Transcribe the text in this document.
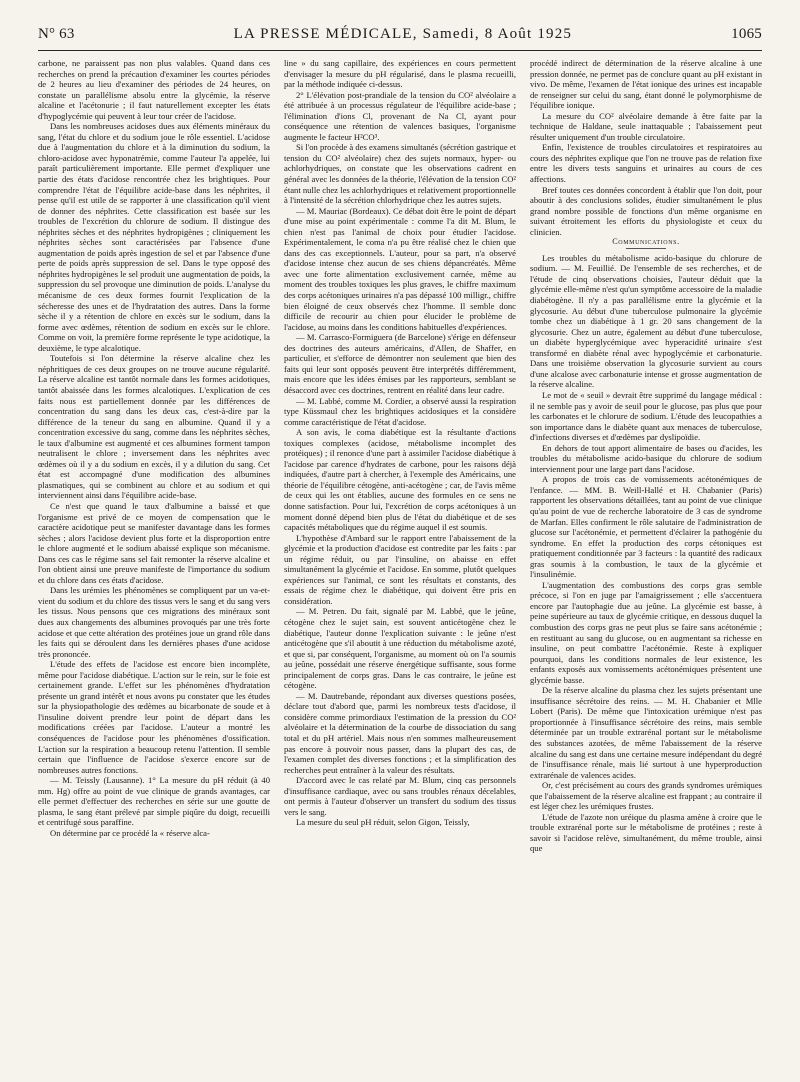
N° 63	LA PRESSE MÉDICALE, Samedi, 8 Août 1925	1065

carbone, ne paraissent pas non plus valables. Quand dans ces recherches on prend la précaution d'examiner les courtes périodes de 2 heures au lieu d'examiner des périodes de 24 heures, on constate un parallélisme absolu entre la glycémie, la réserve alcaline et l'acétonurie ; il faut naturellement excepter les états d'hypoglycémie qui peuvent à leur tour créer de l'acidose.

Dans les nombreuses acidoses dues aux éléments minéraux du sang, l'état du chlore et du sodium joue le rôle essentiel. L'acidose due à l'augmentation du chlore et à la diminution du sodium, la chloro-acidose avec hyponatrémie, comme l'auteur l'a appelée, lui paraît particulièrement importante. Elle permet d'expliquer une partie des états d'acidose rencontrée chez les brightiques. Pour comprendre l'état de l'équilibre acide-base dans les néphrites, il pense qu'il est utile de se rapporter à une classification qu'il vient de donner des néphrites. Cette classification est basée sur les troubles de l'excrétion du chlorure de sodium. Il distingue des néphrites sèches et des néphrites hydropigènes ; cliniquement les néphrites sèches sont caractérisées par l'absence d'une augmentation de poids après ingestion de sel et par l'absence d'une perte de poids après suppression de sel. Dans le type opposé des néphrites hydropigènes le sel produit une augmentation de poids, la suppression du sel provoque une diminution de poids. L'analyse du mécanisme de ces deux formes fournit l'explication de la sécheresse des unes et de l'hydratation des autres. Dans la forme sèche il y a rétention de chlore en excès sur le sodium, dans la forme avec œdèmes, rétention de sodium en excès sur le chlore. Comme on voit, la première forme représente le type acidotique, la deuxième, le type alcalotique.

Toutefois si l'on détermine la réserve alcaline chez les néphritiques de ces deux groupes on ne trouve aucune régularité. La réserve alcaline est tantôt normale dans les formes acidotiques, tantôt abaissée dans les formes alcalotiques. L'explication de ces faits nous est partiellement donnée par les différences de concentration du sang dans les deux cas, c'est-à-dire par la différence de la teneur du sang en albumine. Quand il y a concentration excessive du sang, comme dans les néphrites sèches, le taux d'albumine est augmenté et ces albumines forment tampon neutralisent le chlore ; inversement dans les néphrites avec œdèmes où il y a du sodium en excès, il y a dilution du sang. Cet état est accompagné d'une modification des albumines plasmatiques, qui se combinent au chlore et au sodium et qui interviennent ainsi dans l'équilibre acide-base.

Ce n'est que quand le taux d'albumine a baissé et que l'organisme est privé de ce moyen de compensation que le caractère acidotique peut se manifester davantage dans les formes sèches ; alors l'acidose devient plus forte et la disproportion entre le chlore augmenté et le sodium abaissé explique son mécanisme. Dans ces cas le régime sans sel fait remonter la réserve alcaline et l'on obtient ainsi une preuve manifeste de l'importance du sodium et du chlore dans ces états d'acidose.

Dans les urémies les phénomènes se compliquent par un va-et-vient du sodium et du chlore des tissus vers le sang et du sang vers les tissus. Nous pensons que ces migrations des minéraux sont dues aux changements des albumines provoqués par une très forte acidose et que cette altération des protéines joue un grand rôle dans les faits qui se déroulent dans les dernières phases d'une acidose très prononcée.

L'étude des effets de l'acidose est encore bien incomplète, même pour l'acidose diabétique. L'action sur le rein, sur le foie est certainement grande. L'effet sur les phénomènes d'hydratation présente un grand intérêt et nous avons pu constater que les études sur la physiopathologie des œdèmes au bicarbonate de soude et à l'insuline doivent prendre leur point de départ dans les modifications créées par l'acidose. L'auteur a montré les conséquences de l'acidose pour les phénomènes d'ossification. L'action sur la respiration a beaucoup retenu l'attention. Il semble certain que l'influence de l'acidose s'exerce encore sur de nombreuses autres fonctions.

— M. Teissly (Lausanne). 1° La mesure du pH réduit (à 40 mm. Hg) offre au point de vue clinique de grands avantages, car elle permet d'effectuer des recherches en série sur une goutte de plasma, le sang étant prélevé par simple piqûre du doigt, recueilli et centrifugé sous paraffine.

On détermine par ce procédé la « réserve alca-

line » du sang capillaire, des expériences en cours permettent d'envisager la mesure du pH régularisé, dans le plasma recueilli, par la méthode indiquée ci-dessus.

2° L'élévation post-prandiale de la tension du CO² alvéolaire a été attribuée à un processus régulateur de l'équilibre acide-base ; l'élimination d'ions Cl, provenant de Na Cl, ayant pour conséquence une rétention de valences basiques, l'organisme augmente le facteur H²CO³.

Si l'on procède à des examens simultanés (sécrétion gastrique et tension du CO² alvéolaire) chez des sujets normaux, hyper- ou achlorhydriques, on constate que les observations cadrent en général avec les données de la théorie, l'élévation de la tension CO² étant nulle chez les achlorhydriques et relativement proportionnelle à l'intensité de la sécrétion chlorhydrique chez les autres sujets.

— M. Mauriac (Bordeaux). Ce débat doit être le point de départ d'une mise au point expérimentale : comme l'a dit M. Blum, le chien n'est pas l'animal de choix pour étudier l'acidose. Expérimentalement, le coma n'a pu être réalisé chez le chien que dans des cas exceptionnels. L'auteur, pour sa part, n'a observé d'acidose intense chez aucun de ses chiens dépancréatés. Même avec une forte alimentation exclusivement carnée, même au moment des troubles toxiques les plus graves, le chiffre maximum des corps acétoniques urinaires n'a pas dépassé 100 milligr., chiffre bien éloigné de ceux observés chez l'homme. Il semble donc difficile de recourir au chien pour élucider le problème de l'acidose, au moins dans les conditions habituelles d'expériences.

— M. Carrasco-Formiguera (de Barcelone) s'érige en défenseur des doctrines des auteurs américains, d'Allen, de Shaffer, en particulier, et s'efforce de démontrer non seulement que bien des faits qui leur sont opposés peuvent être interprétés différemment, mais encore que les idées émises par les rapporteurs, semblant se désaccord avec ces doctrines, rentrent en réalité dans leur cadre.

— M. Labbé, comme M. Cordier, a observé aussi la respiration type Küssmaul chez les brightiques acidosiques et la considère comme caractéristique de l'état d'acidose.

A son avis, le coma diabétique est la résultante d'actions toxiques complexes (acidose, métabolisme incomplet des protéiques) ; il renonce d'une part à assimiler l'acidose diabétique à l'acidose par carence d'hydrates de carbone, pour les raisons déjà indiquées, d'autre part à chercher, à l'exemple des Américains, une théorie de l'équilibre cétogène, anti-acétogène ; car, de l'avis même de ceux qui les ont établies, aucune des formules en ce sens ne donne satisfaction. Pour lui, l'excrétion de corps acétoniques à un moment donné dépend bien plus de l'état du diabétique et de ses capacités métaboliques que du régime auquel il est soumis.

L'hypothèse d'Ambard sur le rapport entre l'abaissement de la glycémie et la production d'acidose est contredite par les faits : par un régime réduit, ou par l'insuline, on abaisse en effet simultanément la glycémie et l'acidose. En somme, plutôt quelques expériences sur l'animal, ce sont les résultats et constants, des essais de régime chez le diabétique, qui doivent être pris en considération.

— M. Petren. Du fait, signalé par M. Labbé, que le jeûne, cétogène chez le sujet sain, est souvent anticétogène chez le diabétique, l'auteur donne l'explication suivante : le jeûne n'est anticétogène que s'il aboutit à une réduction du métabolisme azoté, et que si, par conséquent, l'organisme, au moment où on l'a soumis au jeûne, possédait une réserve énergétique suffisante, sous forme principalement de corps gras. Dans le cas contraire, le jeûne est cétogène.

— M. Dautrebande, répondant aux diverses questions posées, déclare tout d'abord que, parmi les nombreux tests d'acidose, il considère comme primordiaux l'estimation de la pression du CO² alvéolaire et la détermination de la courbe de dissociation du sang total et du pH artériel. Mais nous n'en sommes malheureusement pas encore à pouvoir nous passer, dans la plupart des cas, de l'examen complet des diverses fonctions ; et la simplification des recherches peut entraîner à la valeur des résultats.

D'accord avec le cas relaté par M. Blum, cinq cas personnels d'insuffisance cardiaque, avec ou sans troubles rénaux décelables, ont permis à l'auteur d'observer un transfert du sodium des tissus vers le sang.

La mesure du seul pH réduit, selon Gigon, Teissly,

procédé indirect de détermination de la réserve alcaline à une pression donnée, ne permet pas de conclure quant au pH existant in vivo. De même, l'examen de l'état ionique des urines est incapable de renseigner sur celui du sang, étant donné le polymorphisme de l'équilibre ionique.

La mesure du CO² alvéolaire demande à être faite par la technique de Haldane, seule inattaquable ; l'abaissement peut résulter uniquement d'un trouble circulatoire.

Enfin, l'existence de troubles circulatoires et respiratoires au cours des néphrites explique que l'on ne trouve pas de relation fixe entre les divers tests sanguins et urinaires au cours de ces affections.

Bref toutes ces données concordent à établir que l'on doit, pour aboutir à des conclusions solides, étudier simultanément le plus grand nombre possible de fonctions d'un même organisme en suivant étroitement les efforts du physiologiste et ceux du clinicien.

Communications.

Les troubles du métabolisme acido-basique du chlorure de sodium. — M. Feuillié. De l'ensemble de ses recherches, et de l'étude de cinq observations choisies, l'auteur déduit que la glycémie elle-même n'est qu'un symptôme accessoire de la maladie diabétogène. Il n'y a pas parallélisme entre la glycémie et la glycosurie. Au début d'une tuberculose pulmonaire la glycémie tombe chez un diabétique à 1 gr. 20 sans changement de la glycosurie. Chez un autre, également au début d'une tuberculose, un diabète hyperglycémique avec hyperacidité urinaire s'est transformé en diabète rénal avec hypoglycémie et carbonaturie. Dans une troisième observation la glycosurie survient au cours d'une alcalose avec carbonaturie intense et grosse augmentation de la réserve alcaline.

Le mot de « seuil » devrait être supprimé du langage médical : il ne semble pas y avoir de seuil pour le glucose, pas plus que pour les carbonates et le chlorure de sodium. L'étude des leucopathies a son importance dans le diabète quant aux menaces de tuberculose, d'infections diverses et d'œdèmes par dyslipoïdie.

En dehors de tout apport alimentaire de bases ou d'acides, les troubles du métabolisme acido-basique du chlorure de sodium interviennent pour une large part dans l'acidose.

A propos de trois cas de vomissements acétonémiques de l'enfance. — MM. B. Weill-Hallé et H. Chabanier (Paris) rapportent les observations détaillées, tant au point de vue clinique qu'au point de vue de recherche laboratoire de 3 cas de syndrome de Marfan. Elles confirment le rôle salutaire de l'administration de glucose sur l'acétonémie, et permettent d'éclairer la pathogénie du syndrome. En effet la production des corps cétoniques est pratiquement conditionnée par 3 facteurs : la quantité des radicaux gras soumis à la combustion, le taux de la glycémie et l'insulinémie.

L'augmentation des combustions des corps gras semble précoce, si l'on en juge par l'amaigrissement ; elle s'accentuera encore par l'autophagie due au jeûne. La glycémie est basse, à peine supérieure au taux de glycémie critique, en dessous duquel la combustion des corps gras ne peut plus se faire sans acétonémie ; en restituant au sang du glucose, ou en augmentant sa richesse en insuline, on peut combattre l'acétonémie. Reste à expliquer pourquoi, dans les conditions normales de leur existence, les enfants exposés aux vomissements acétonémiques présentent une glycémie basse.

De la réserve alcaline du plasma chez les sujets présentant une insuffisance sécrétoire des reins. — M. H. Chabanier et Mlle Lobert (Paris). De même que l'intoxication urémique n'est pas proportionnée à l'insuffisance sécrétoire des reins, mais semble déterminée par un trouble extrarénal portant sur le métabolisme des substances azotées, de même l'abaissement de la réserve alcaline du sang est dans une certaine mesure indépendant du degré de l'insuffisance rénale, mais lié surtout à une hyperproduction extrarénale de valences acides.

Or, c'est précisément au cours des grands syndromes urémiques que l'abaissement de la réserve alcaline est frappant ; au contraire il est léger chez les urémiques frustes.

L'étude de l'azote non uréique du plasma amène à croire que le trouble extrarénal porte sur le métabolisme de protéines ; reste à savoir si l'acidose relève, simultanément, du même trouble, ainsi que
